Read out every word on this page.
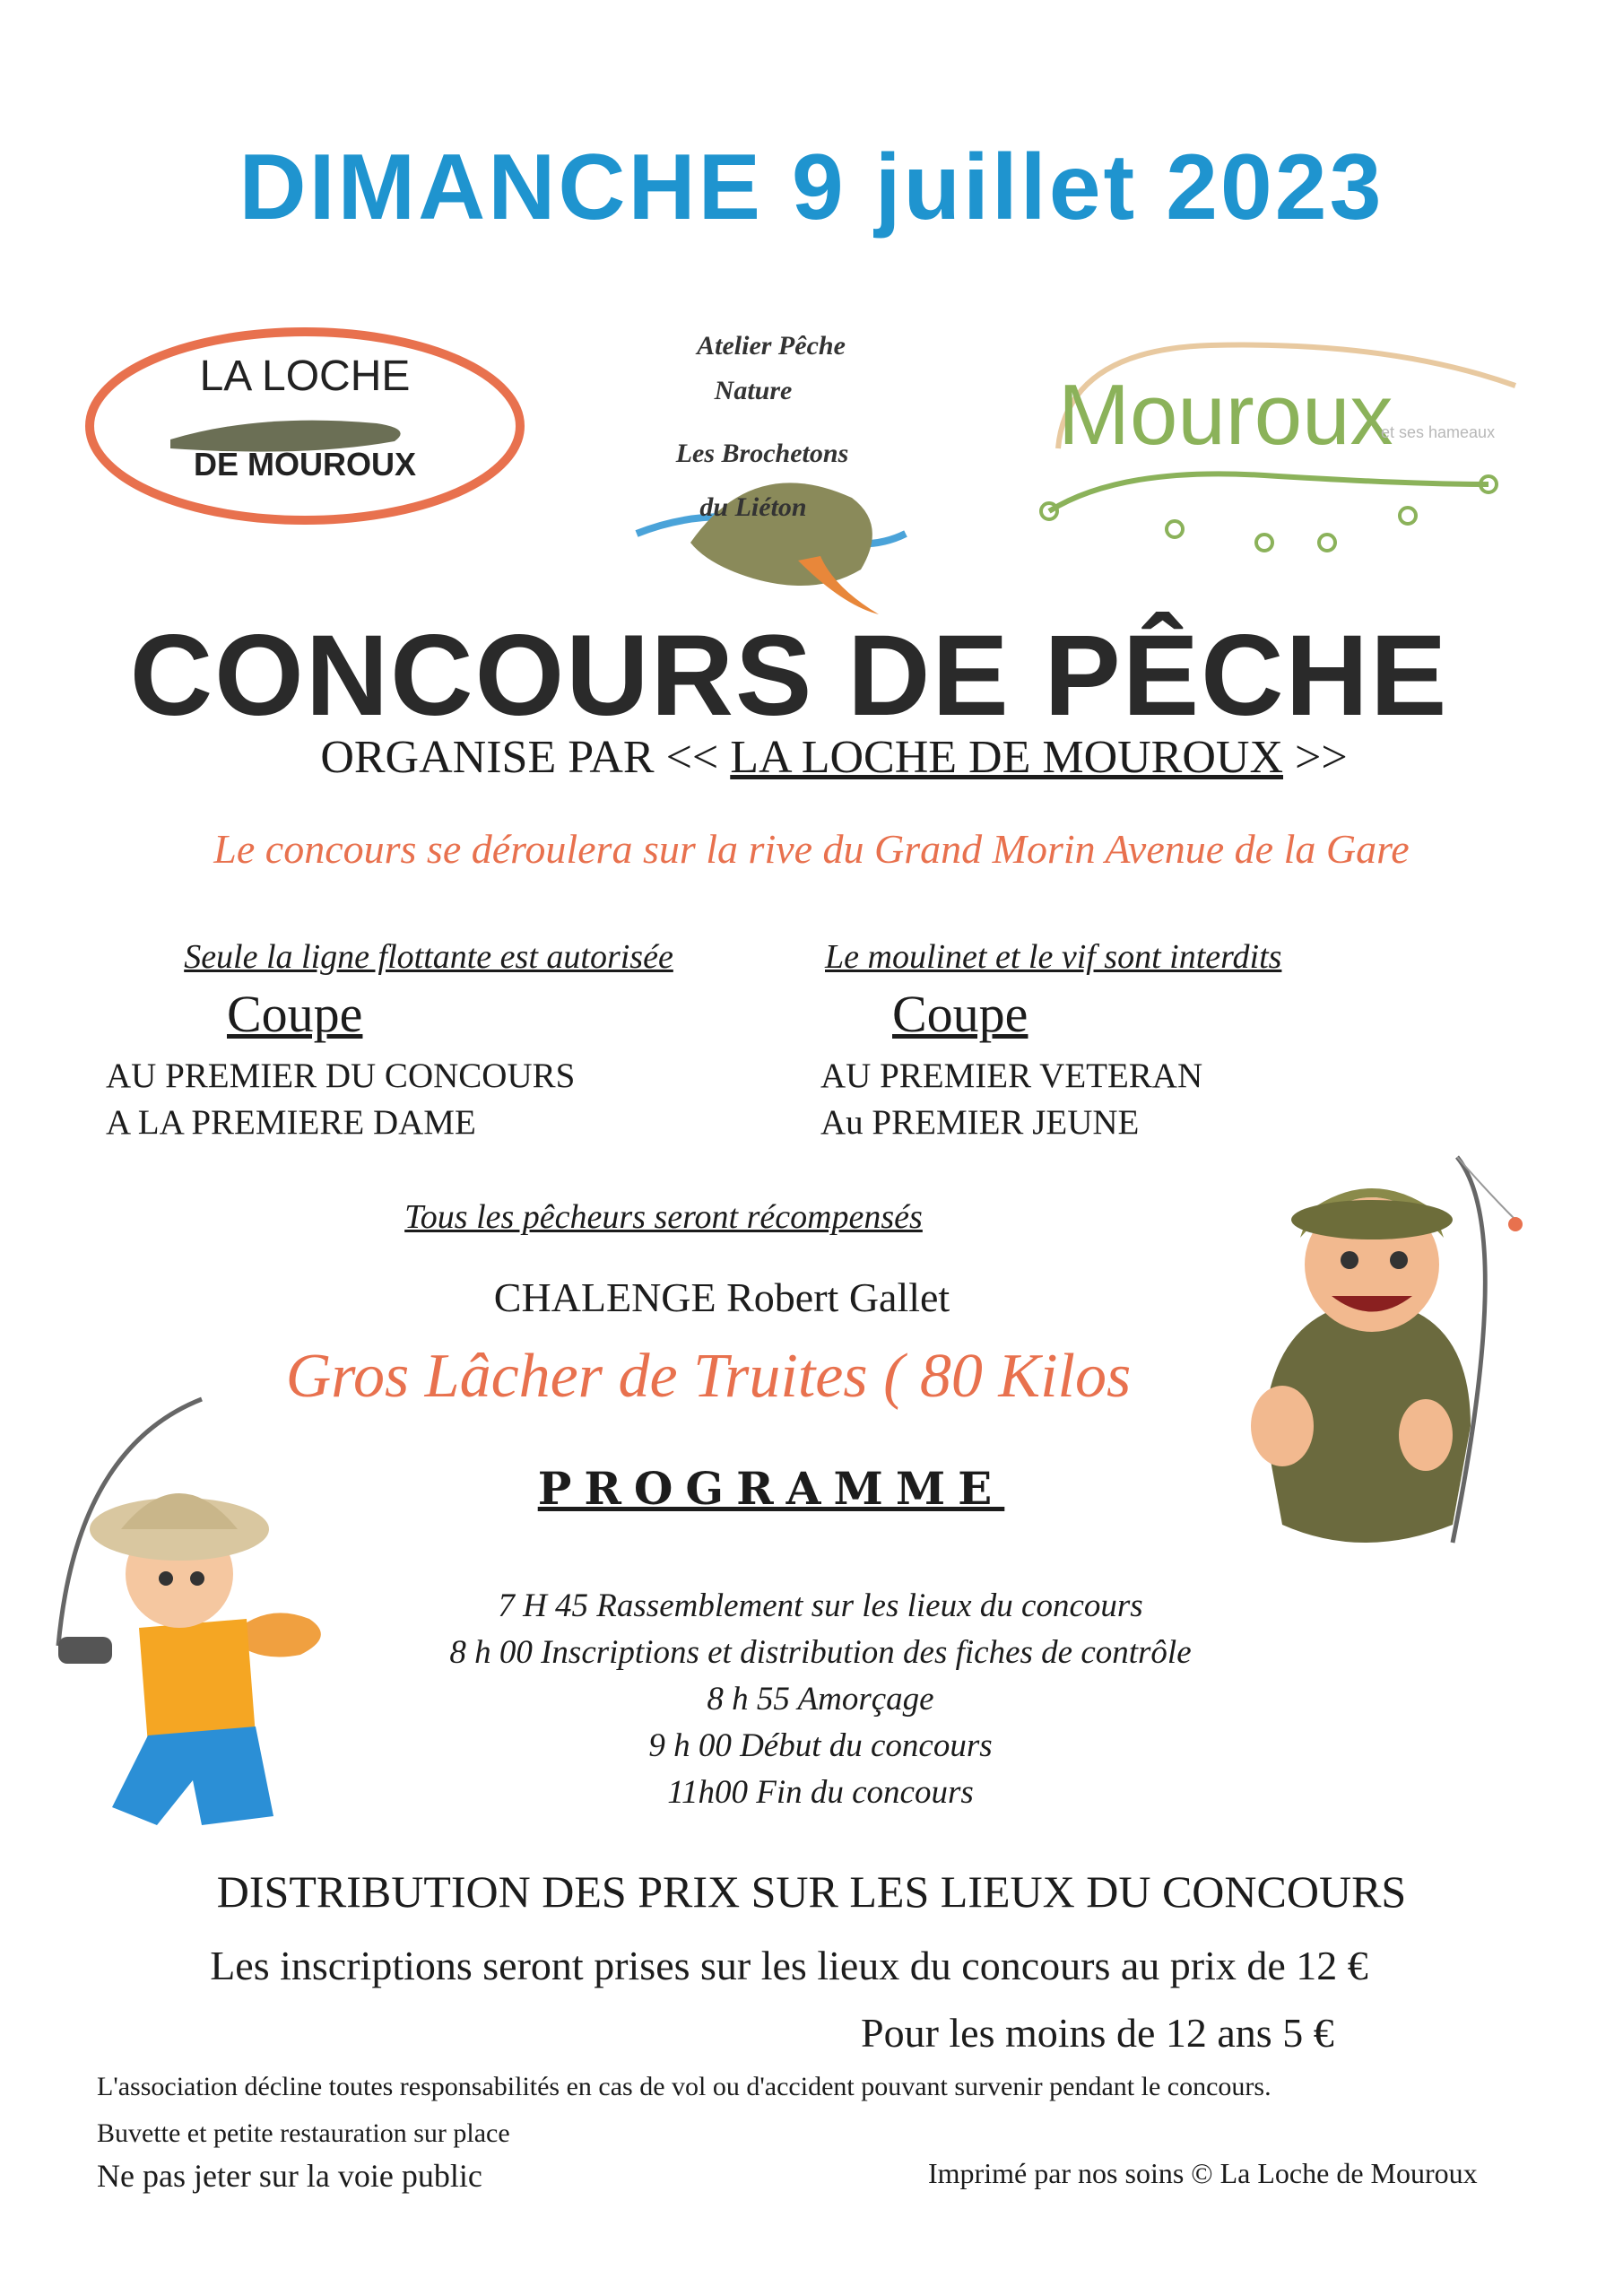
DIMANCHE 9 juillet 2023
LA LOCHE
DE MOUROUX
Atelier Pêche
Nature
Les Brochetons
du Liéton
Mouroux
et ses hameaux
CONCOURS DE PÊCHE
ORGANISE PAR << LA LOCHE DE MOUROUX >>
Le concours se déroulera sur la rive du Grand Morin Avenue de la Gare
Seule la ligne flottante est autorisée
Coupe
AU PREMIER DU CONCOURS
A LA PREMIERE DAME
Le moulinet et le vif sont interdits
Coupe
AU PREMIER VETERAN
Au PREMIER JEUNE
Tous les pêcheurs seront récompensés
CHALENGE Robert Gallet
Gros Lâcher de Truites ( 80 Kilos
PROGRAMME
7 H 45 Rassemblement sur les lieux du concours
8 h 00 Inscriptions et distribution des fiches de contrôle
8 h 55 Amorçage
9 h 00 Début du concours
11h00 Fin du concours
DISTRIBUTION DES PRIX SUR LES LIEUX DU CONCOURS
Les inscriptions seront prises sur les lieux du concours au prix de 12 €
Pour les moins de 12 ans 5 €
L'association décline toutes responsabilités en cas de vol ou d'accident pouvant survenir pendant le concours.
Buvette et petite restauration sur place
Ne pas jeter sur la voie public	Imprimé par nos soins © La Loche de Mouroux
